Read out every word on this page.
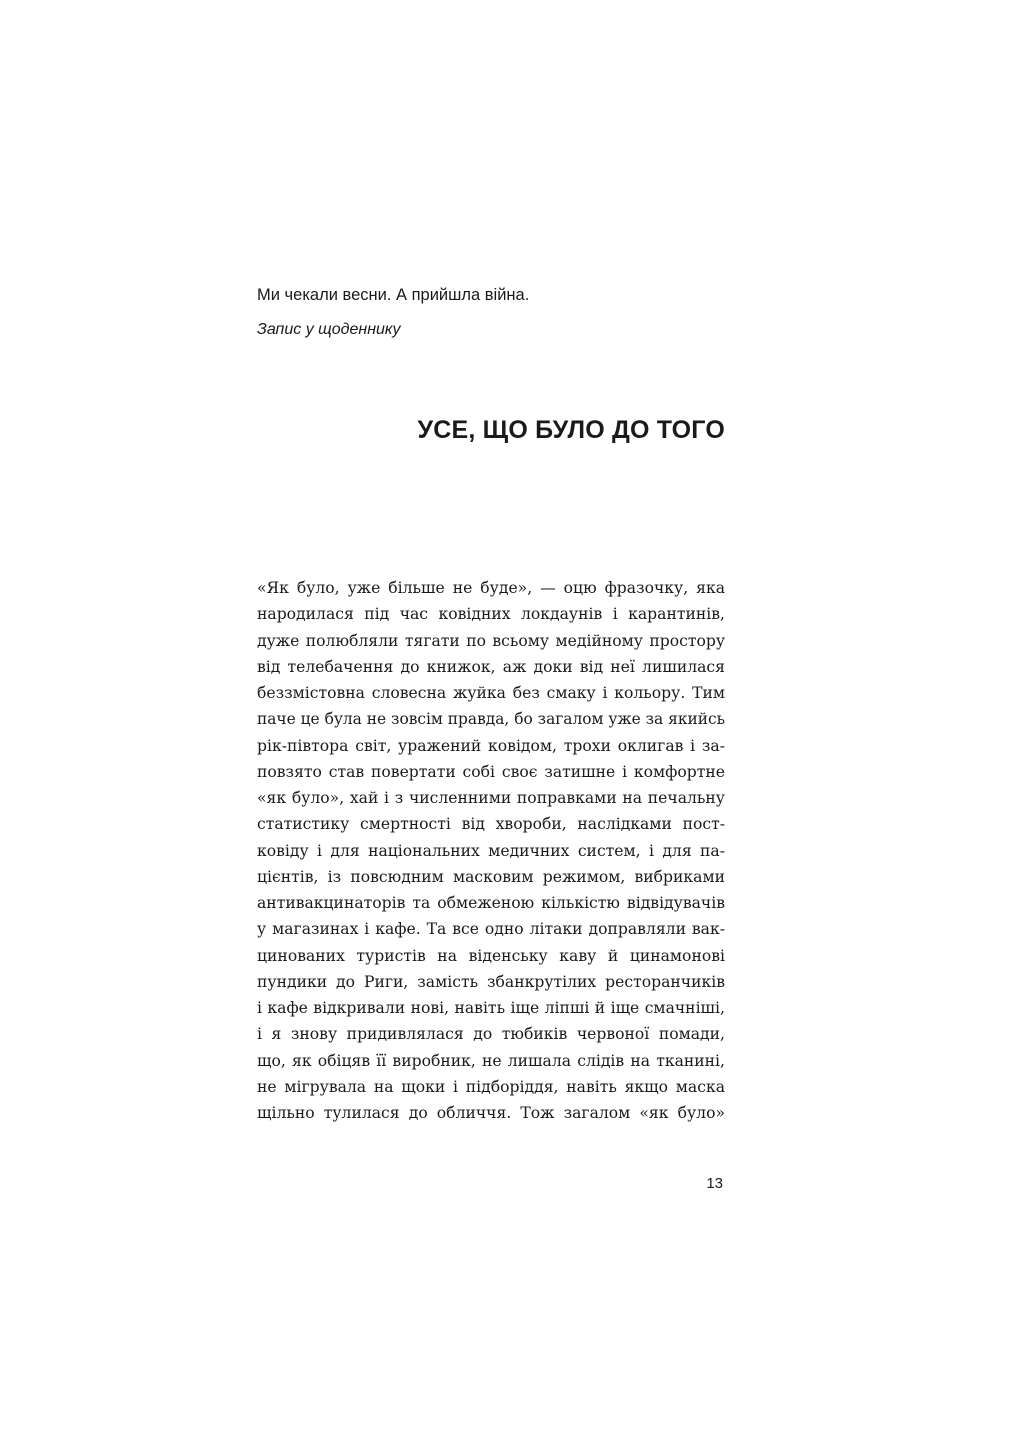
Ми чекали весни. А прийшла війна.

Запис у щоденнику

УСЕ, ЩО БУЛО ДО ТОГО
«Як було, уже більше не буде», — оцю фразочку, яка
народилася під час ковідних локдаунів і карантинів,
дуже полюбляли тягати по всьому медійному простору
від телебачення до книжок, аж доки від неї лишилася
беззмістовна словесна жуйка без смаку і кольору. Тим
паче це була не зовсім правда, бо загалом уже за якийсь
рік-півтора світ, уражений ковідом, трохи оклигав і за-
повзято став повертати собі своє затишне і комфортне
«як було», хай і з численними поправками на печальну
статистику смертності від хвороби, наслідками пост-
ковіду і для національних медичних систем, і для па-
цієнтів, із повсюдним масковим режимом, вибриками
антивакцинаторів та обмеженою кількістю відвідувачів
у магазинах і кафе. Та все одно літаки доправляли вак-
цинованих туристів на віденську каву й цинамонові
пундики до Риги, замість збанкрутілих ресторанчиків
і кафе відкривали нові, навіть іще ліпші й іще смачніші,
і я знову придивлялася до тюбиків червоної помади,
що, як обіцяв її виробник, не лишала слідів на тканині,
не мігрувала на щоки і підборіддя, навіть якщо маска
щільно тулилася до обличчя. Тож загалом «як було»

13
